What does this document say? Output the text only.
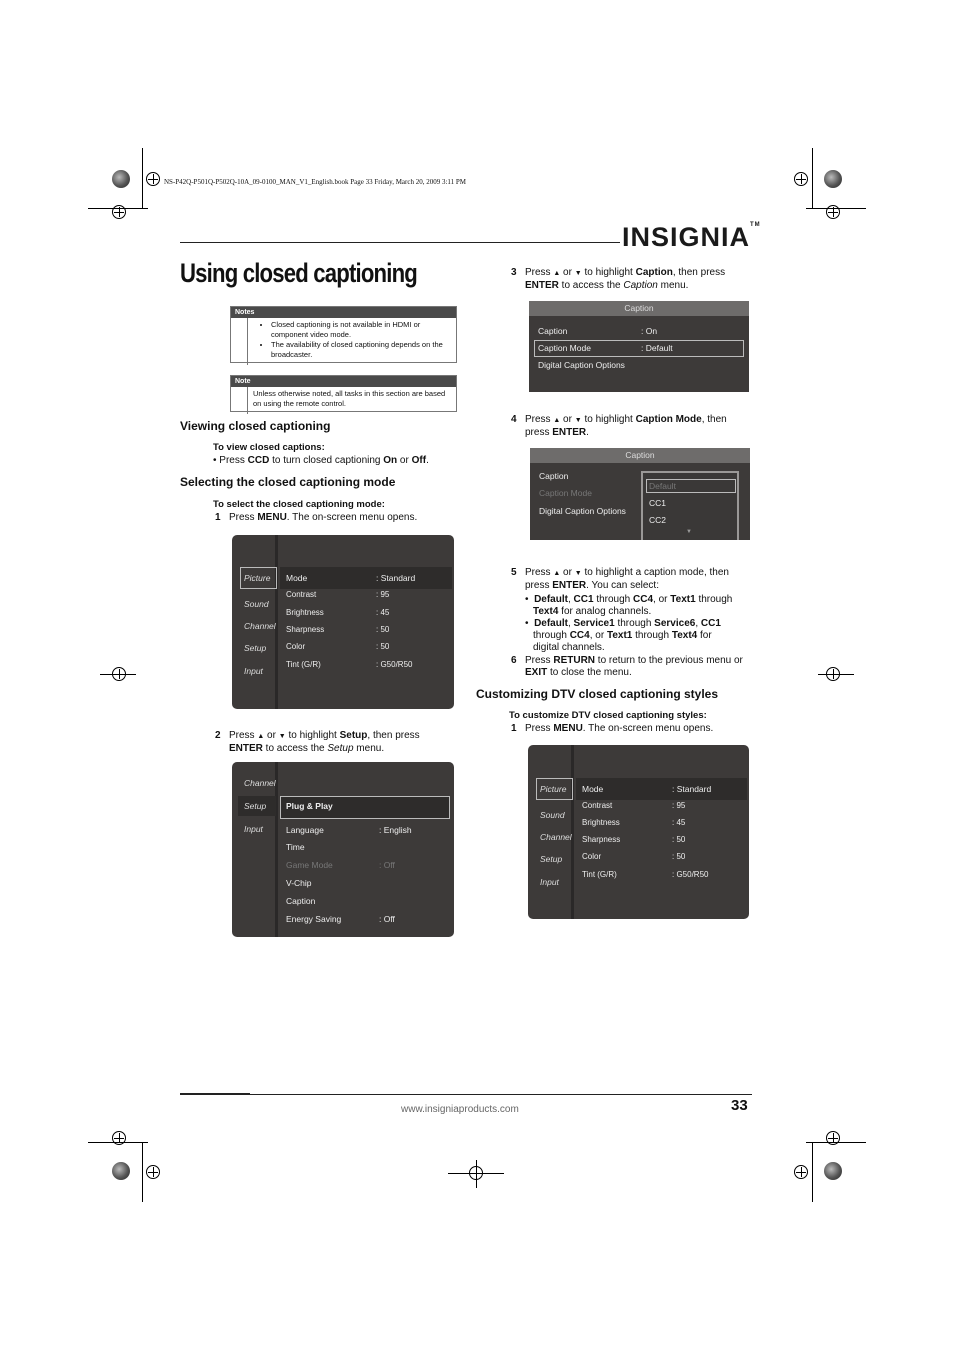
NS-P42Q-P501Q-P502Q-10A_09-0100_MAN_V1_English.book Page 33 Friday, March 20, 2009 3:11 PM
INSIGNIA™
Using closed captioning
Notes
• Closed captioning is not available in HDMI or component video mode.
• The availability of closed captioning depends on the broadcaster.
Note
Unless otherwise noted, all tasks in this section are based on using the remote control.
Viewing closed captioning
To view closed captions:
• Press CCD to turn closed captioning On or Off.
Selecting the closed captioning mode
To select the closed captioning mode:
1 Press MENU. The on-screen menu opens.
Picture
Sound
Channel
Setup
Input
Mode	: Standard
Contrast	: 95
Brightness	: 45
Sharpness	: 50
Color	: 50
Tint (G/R)	: G50/R50
2 Press ▲ or ▼ to highlight Setup, then press
ENTER to access the Setup menu.
Channel
Setup
Input
Plug & Play
Language	: English
Time
Game Mode	: Off
V-Chip
Caption
Energy Saving	: Off
3 Press ▲ or ▼ to highlight Caption, then press
ENTER to access the Caption menu.
Caption
Caption	: On
Caption Mode	: Default
Digital Caption Options
4 Press ▲ or ▼ to highlight Caption Mode, then
press ENTER.
Caption
Caption
Caption Mode
Digital Caption Options
Default
CC1
CC2
▼
5 Press ▲ or ▼ to highlight a caption mode, then
press ENTER. You can select:
•  Default, CC1 through CC4, or Text1 through
Text4 for analog channels.
•  Default, Service1 through Service6, CC1
through CC4, or Text1 through Text4 for
digital channels.
6 Press RETURN to return to the previous menu or
EXIT to close the menu.
Customizing DTV closed captioning styles
To customize DTV closed captioning styles:
1 Press MENU. The on-screen menu opens.
Picture
Sound
Channel
Setup
Input
Mode	: Standard
Contrast	: 95
Brightness	: 45
Sharpness	: 50
Color	: 50
Tint (G/R)	: G50/R50
www.insigniaproducts.com	33
